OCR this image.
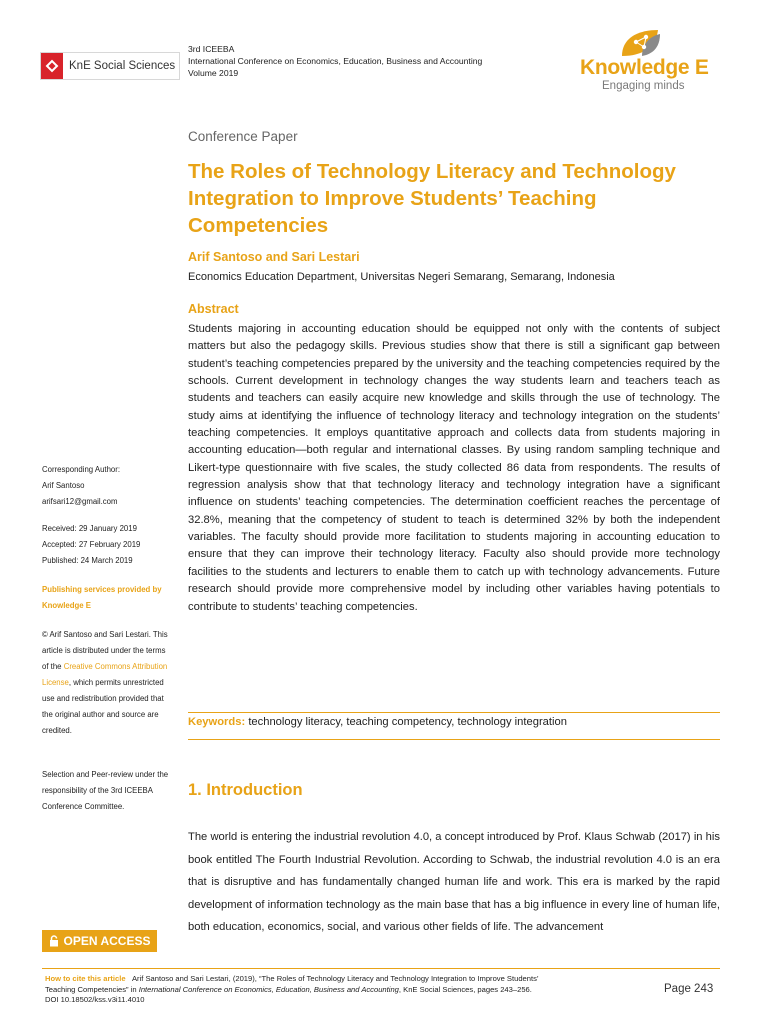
KnE Social Sciences
3rd ICEEBA
International Conference on Economics, Education, Business and Accounting
Volume 2019	Knowledge E
Engaging minds
Conference Paper
The Roles of Technology Literacy and Technology Integration to Improve Students’ Teaching Competencies
Arif Santoso and Sari Lestari
Economics Education Department, Universitas Negeri Semarang, Semarang, Indonesia
Abstract

Students majoring in accounting education should be equipped not only with the contents of subject matters but also the pedagogy skills. Previous studies show that there is still a significant gap between student’s teaching competencies prepared by the university and the teaching competencies required by the schools. Current development in technology changes the way students learn and teachers teach as students and teachers can easily acquire new knowledge and skills through the use of technology. The study aims at identifying the influence of technology literacy and technology integration on the students’ teaching competencies. It employs quantitative approach and collects data from students majoring in accounting education—both regular and international classes. By using random sampling technique and Likert-type questionnaire with five scales, the study collected 86 data from respondents. The results of regression analysis show that that technology literacy and technology integration have a significant influence on students’ teaching competencies. The determination coefficient reaches the percentage of 32.8%, meaning that the competency of student to teach is determined 32% by both the independent variables. The faculty should provide more facilitation to students majoring in accounting education to ensure that they can improve their technology literacy. Faculty also should provide more technology facilities to the students and lecturers to enable them to catch up with technology advancements. Future research should provide more comprehensive model by including other variables having potentials to contribute to students’ teaching competencies.

Keywords: technology literacy, teaching competency, technology integration
1. Introduction

The world is entering the industrial revolution 4.0, a concept introduced by Prof. Klaus Schwab (2017) in his book entitled The Fourth Industrial Revolution. According to Schwab, the industrial revolution 4.0 is an era that is disruptive and has fundamentally changed human life and work. This era is marked by the rapid development of information technology as the main base that has a big influence in every line of human life, both education, economics, social, and various other fields of life. The advancement

Corresponding Author:
Arif Santoso
arifsari12@gmail.com
Received: 29 January 2019
Accepted: 27 February 2019
Published: 24 March 2019
Publishing services provided by Knowledge E
© Arif Santoso and Sari Lestari. This article is distributed under the terms of the Creative Commons Attribution License, which permits unrestricted use and redistribution provided that the original author and source are credited.
Selection and Peer-review under the responsibility of the 3rd ICEEBA Conference Committee.
OPEN ACCESS
How to cite this article Arif Santoso and Sari Lestari, (2019), “The Roles of Technology Literacy and Technology Integration to Improve Students’
Teaching Competencies” in International Conference on Economics, Education, Business and Accounting, KnE Social Sciences, pages 243–256.
DOI 10.18502/kss.v3i11.4010
Page 243
